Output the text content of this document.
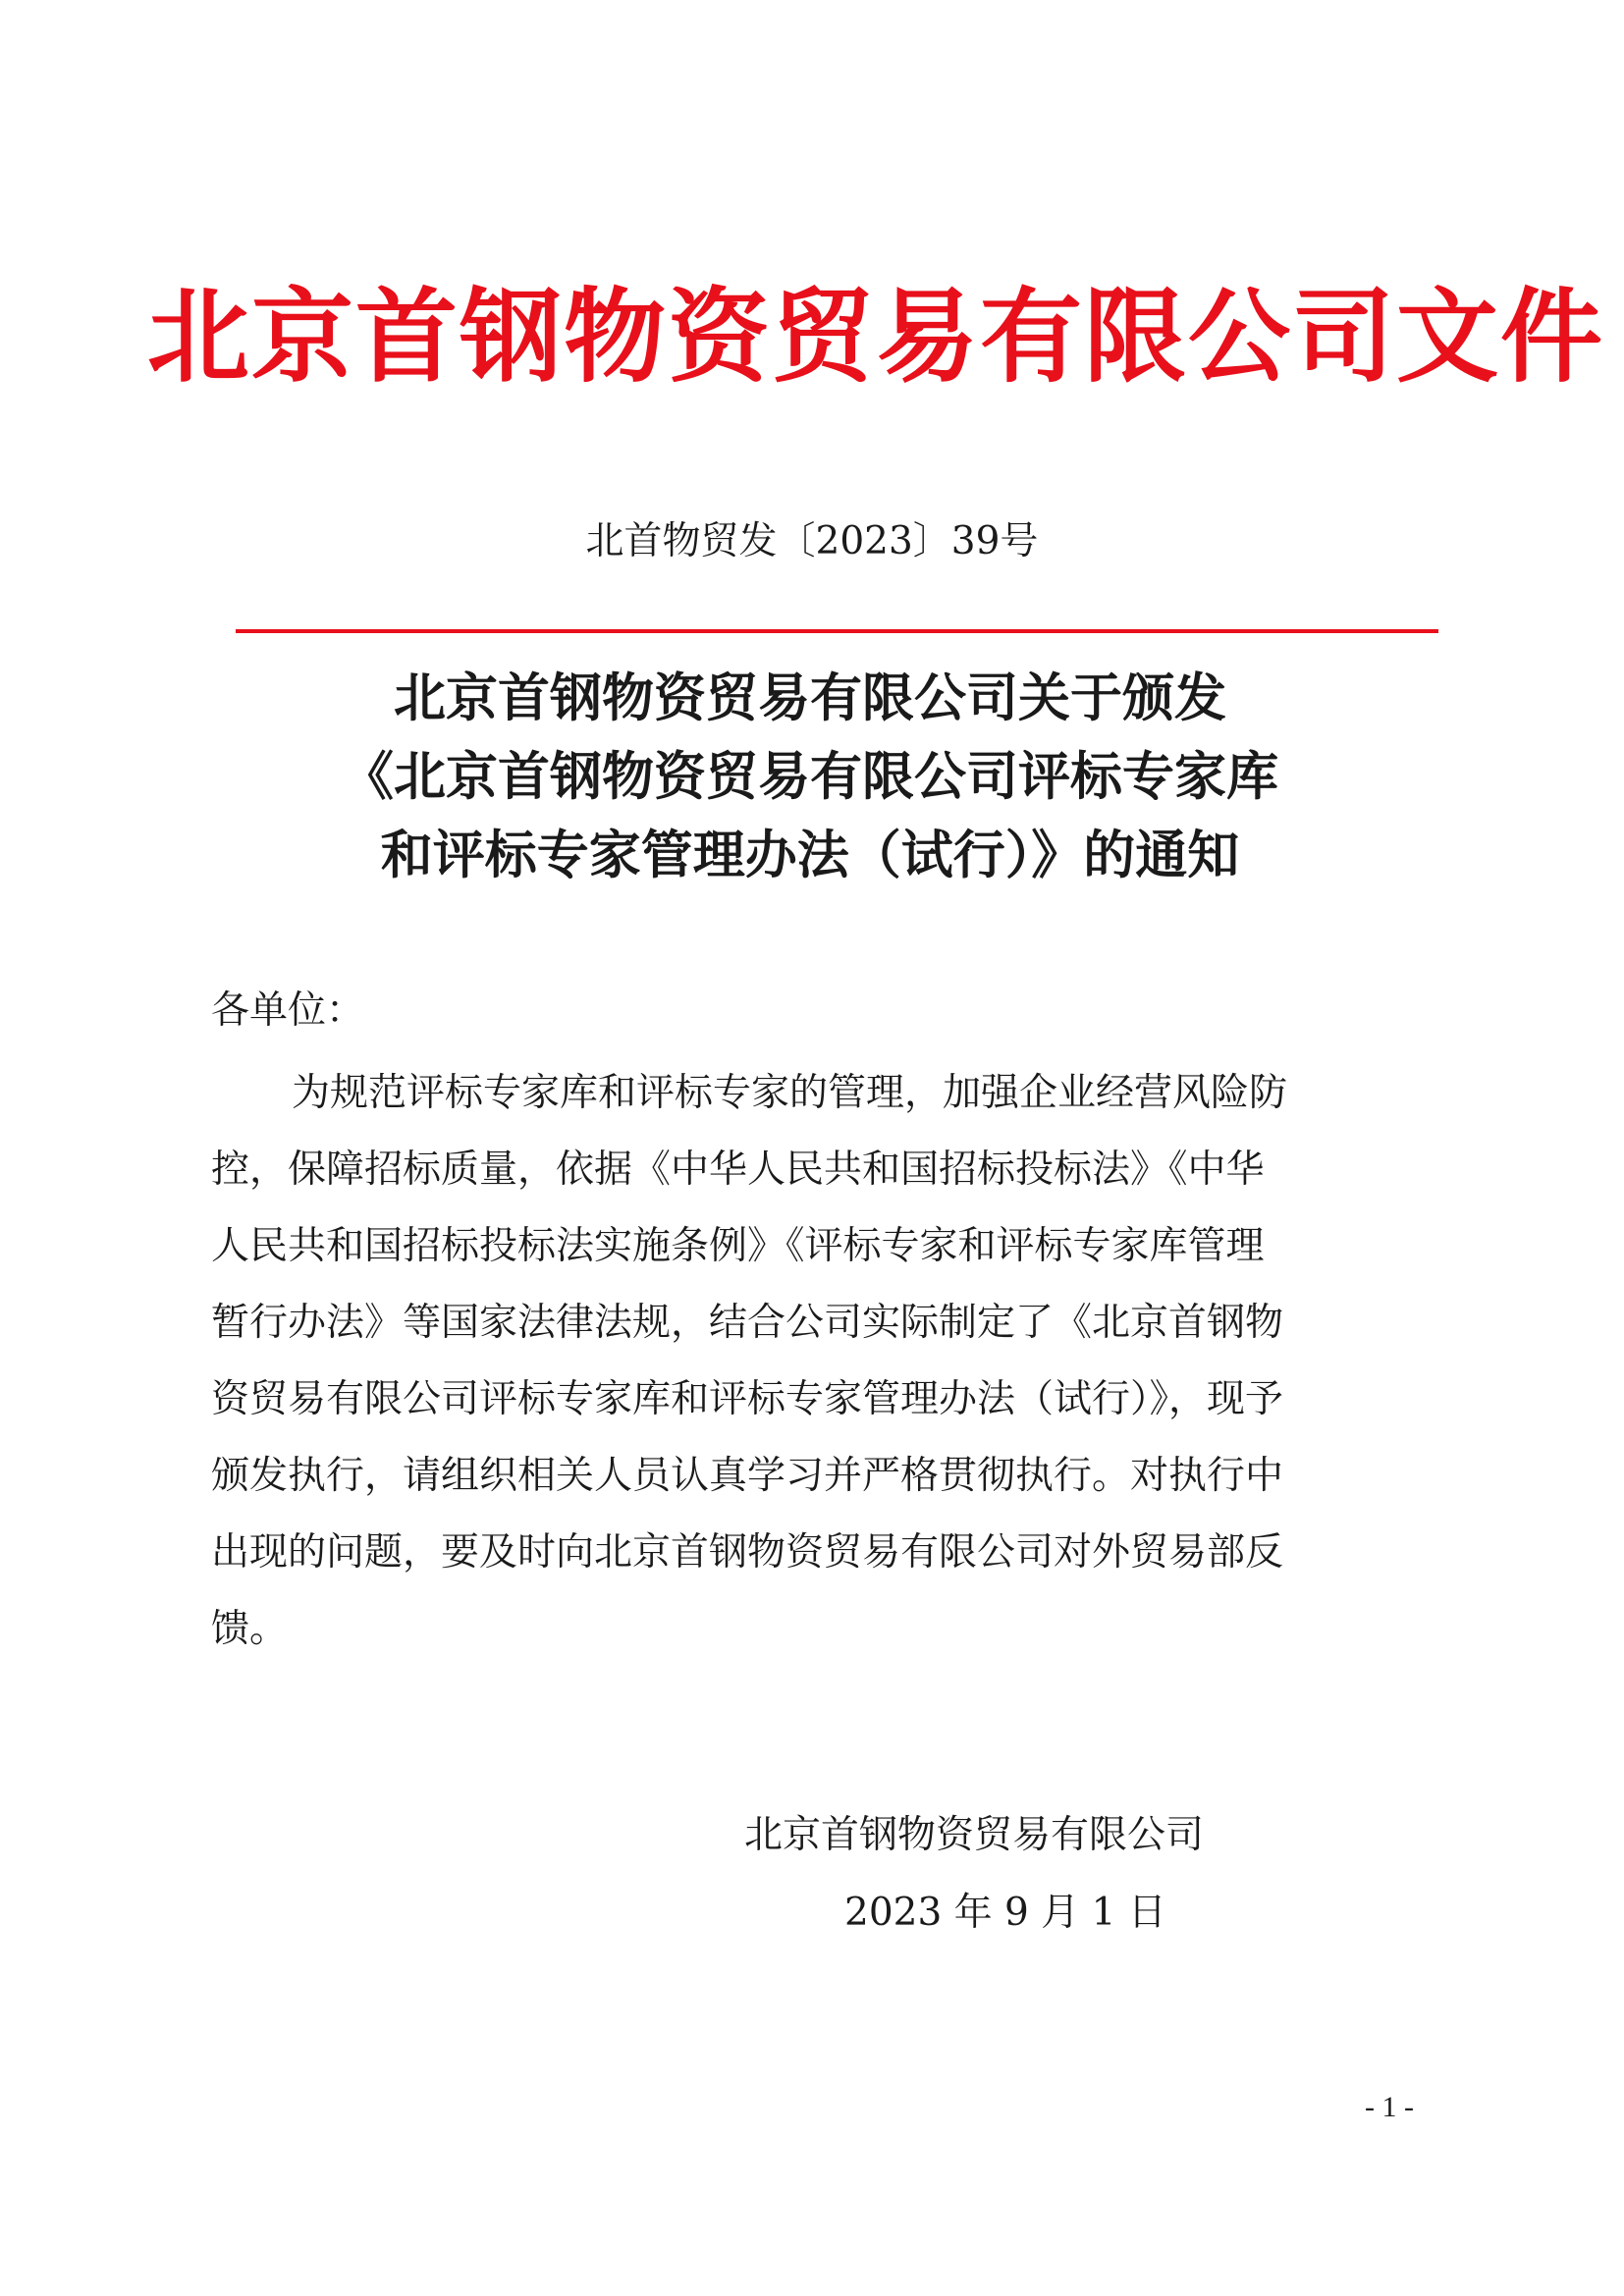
北京首钢物资贸易有限公司文件
北首物贸发〔2023〕39号
北京首钢物资贸易有限公司关于颁发
《北京首钢物资贸易有限公司评标专家库
和评标专家管理办法（试行）》的通知
各单位：
为规范评标专家库和评标专家的管理，加强企业经营风险防
控，保障招标质量，依据《中华人民共和国招标投标法》《中华
人民共和国招标投标法实施条例》《评标专家和评标专家库管理
暂行办法》等国家法律法规，结合公司实际制定了《北京首钢物
资贸易有限公司评标专家库和评标专家管理办法（试行）》，现予
颁发执行，请组织相关人员认真学习并严格贯彻执行。对执行中
出现的问题，要及时向北京首钢物资贸易有限公司对外贸易部反
馈。
北京首钢物资贸易有限公司
2023 年 9 月 1 日
- 1 -
